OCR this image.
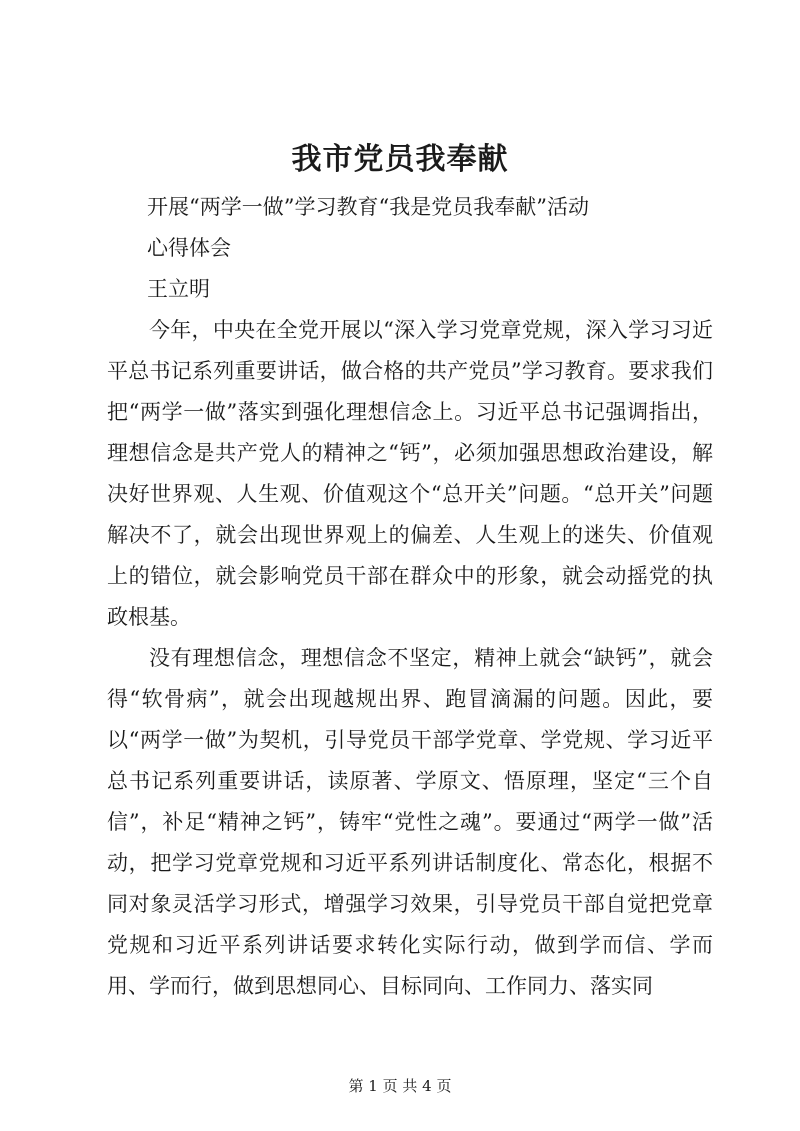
我市党员我奉献
开展“两学一做”学习教育“我是党员我奉献”活动
心得体会
王立明

今年，中央在全党开展以“深入学习党章党规，深入学习习近平总书记系列重要讲话，做合格的共产党员”学习教育。要求我们把“两学一做”落实到强化理想信念上。习近平总书记强调指出，理想信念是共产党人的精神之“钙”，必须加强思想政治建设，解决好世界观、人生观、价值观这个“总开关”问题。“总开关”问题解决不了，就会出现世界观上的偏差、人生观上的迷失、价值观上的错位，就会影响党员干部在群众中的形象，就会动摇党的执政根基。

没有理想信念，理想信念不坚定，精神上就会“缺钙”，就会得“软骨病”，就会出现越规出界、跑冒滴漏的问题。因此，要以“两学一做”为契机，引导党员干部学党章、学党规、学习近平总书记系列重要讲话，读原著、学原文、悟原理，坚定“三个自信”，补足“精神之钙”，铸牢“党性之魂”。要通过“两学一做”活动，把学习党章党规和习近平系列讲话制度化、常态化，根据不同对象灵活学习形式，增强学习效果，引导党员干部自觉把党章党规和习近平系列讲话要求转化实际行动，做到学而信、学而用、学而行，做到思想同心、目标同向、工作同力、落实同

第 1 页 共 4 页
